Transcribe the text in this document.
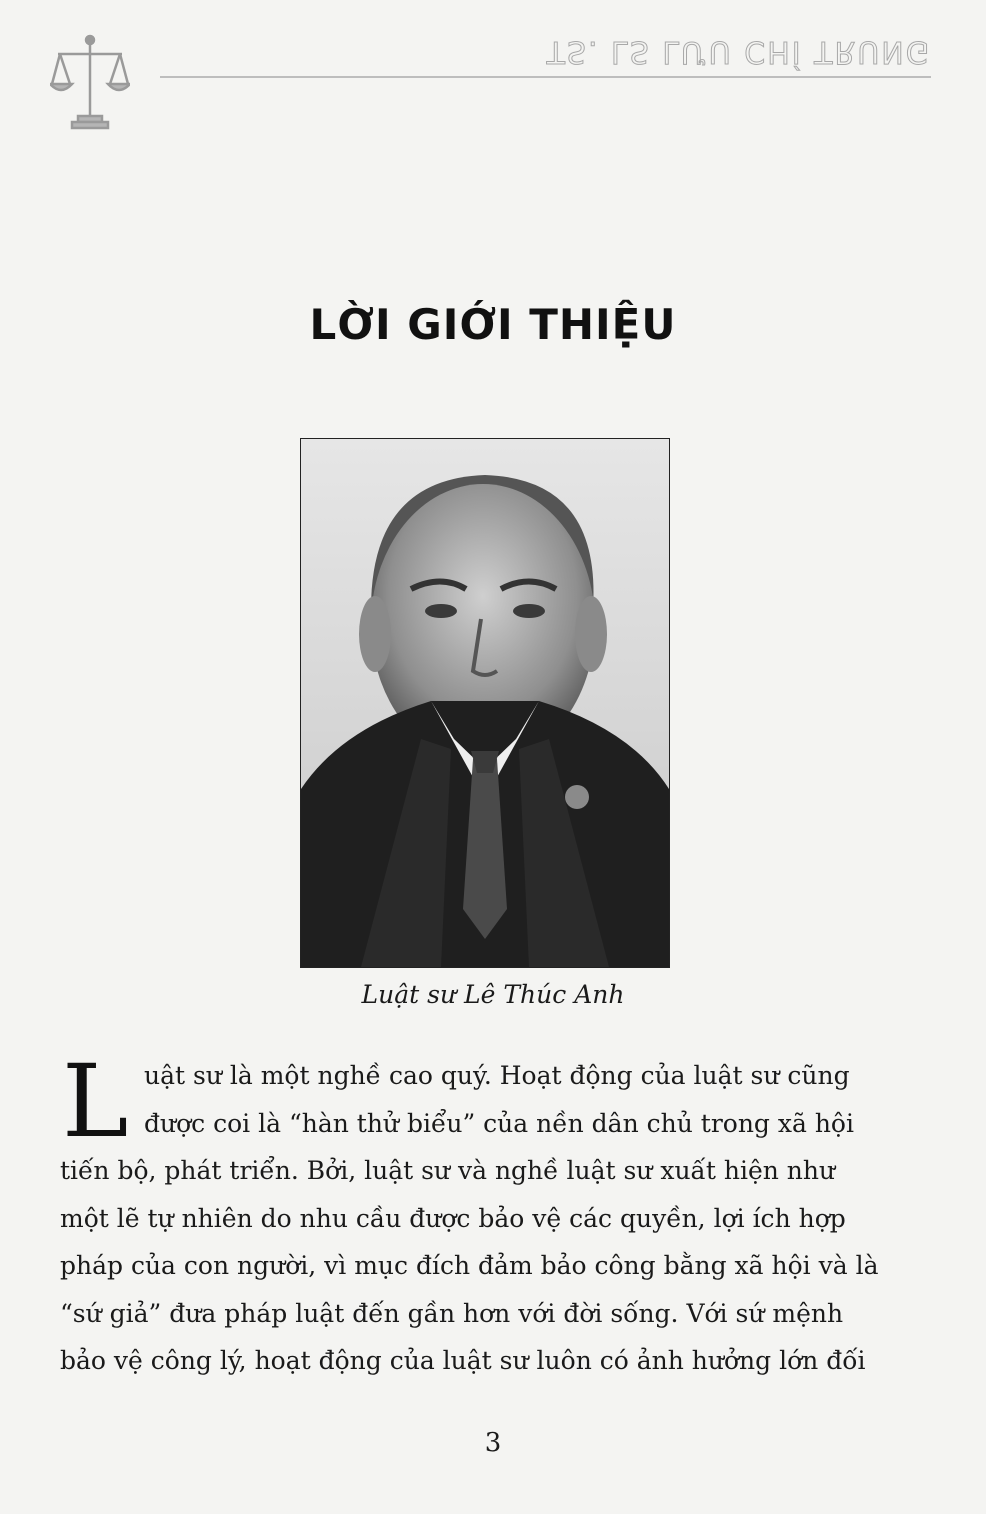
TS. LS LƯU CHÍ TRUNG
LỜI GIỚI THIỆU
Luật sư Lê Thúc Anh
L uật sư là một nghề cao quý. Hoạt động của luật sư cũng
được coi là “hàn thử biểu” của nền dân chủ trong xã hội
tiến bộ, phát triển. Bởi, luật sư và nghề luật sư xuất hiện như
một lẽ tự nhiên do nhu cầu được bảo vệ các quyền, lợi ích hợp
pháp của con người, vì mục đích đảm bảo công bằng xã hội và là
“sứ giả” đưa pháp luật đến gần hơn với đời sống. Với sứ mệnh
bảo vệ công lý, hoạt động của luật sư luôn có ảnh hưởng lớn đối
3
